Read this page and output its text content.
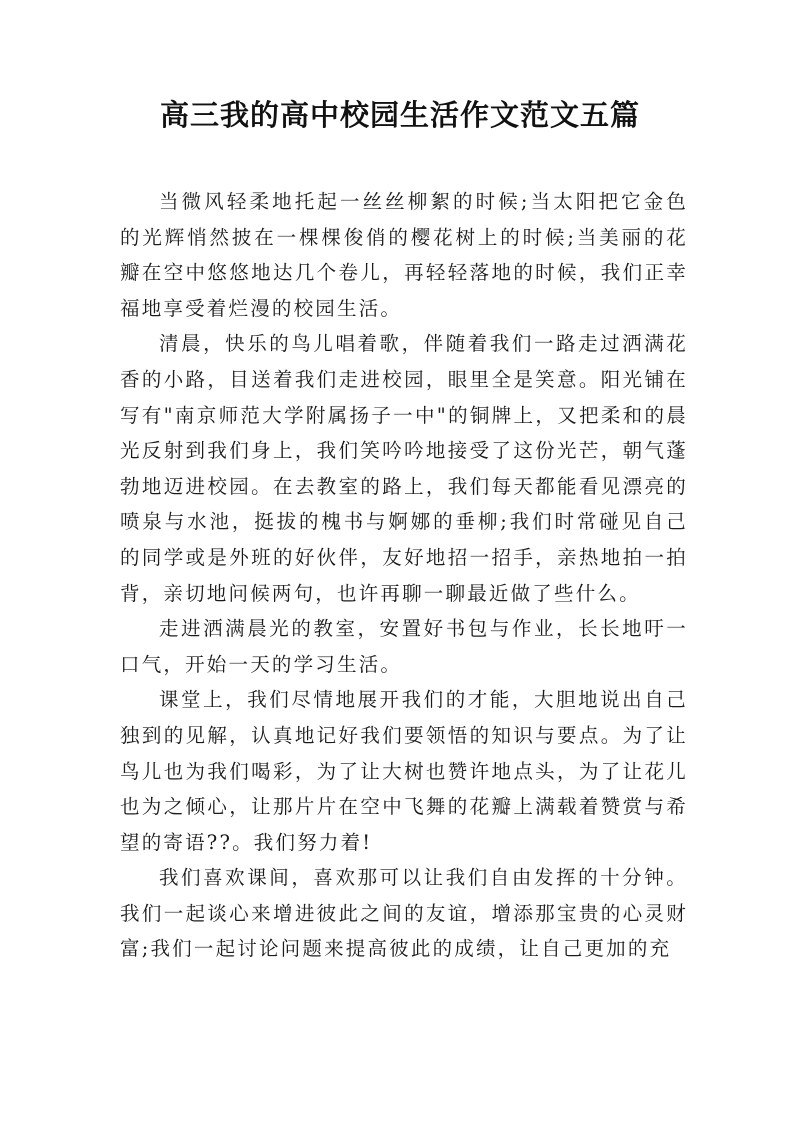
高三我的高中校园生活作文范文五篇

当微风轻柔地托起一丝丝柳絮的时候;当太阳把它金色的光辉悄然披在一棵棵俊俏的樱花树上的时候;当美丽的花瓣在空中悠悠地达几个卷儿，再轻轻落地的时候，我们正幸福地享受着烂漫的校园生活。

清晨，快乐的鸟儿唱着歌，伴随着我们一路走过洒满花香的小路，目送着我们走进校园，眼里全是笑意。阳光铺在写有"南京师范大学附属扬子一中"的铜牌上，又把柔和的晨光反射到我们身上，我们笑吟吟地接受了这份光芒，朝气蓬勃地迈进校园。在去教室的路上，我们每天都能看见漂亮的喷泉与水池，挺拔的槐书与婀娜的垂柳;我们时常碰见自己的同学或是外班的好伙伴，友好地招一招手，亲热地拍一拍背，亲切地问候两句，也许再聊一聊最近做了些什么。

走进洒满晨光的教室，安置好书包与作业，长长地吁一口气，开始一天的学习生活。

课堂上，我们尽情地展开我们的才能，大胆地说出自己独到的见解，认真地记好我们要领悟的知识与要点。为了让鸟儿也为我们喝彩，为了让大树也赞许地点头，为了让花儿也为之倾心，让那片片在空中飞舞的花瓣上满载着赞赏与希望的寄语??。我们努力着!

我们喜欢课间，喜欢那可以让我们自由发挥的十分钟。我们一起谈心来增进彼此之间的友谊，增添那宝贵的心灵财富;我们一起讨论问题来提高彼此的成绩，让自己更加的充
